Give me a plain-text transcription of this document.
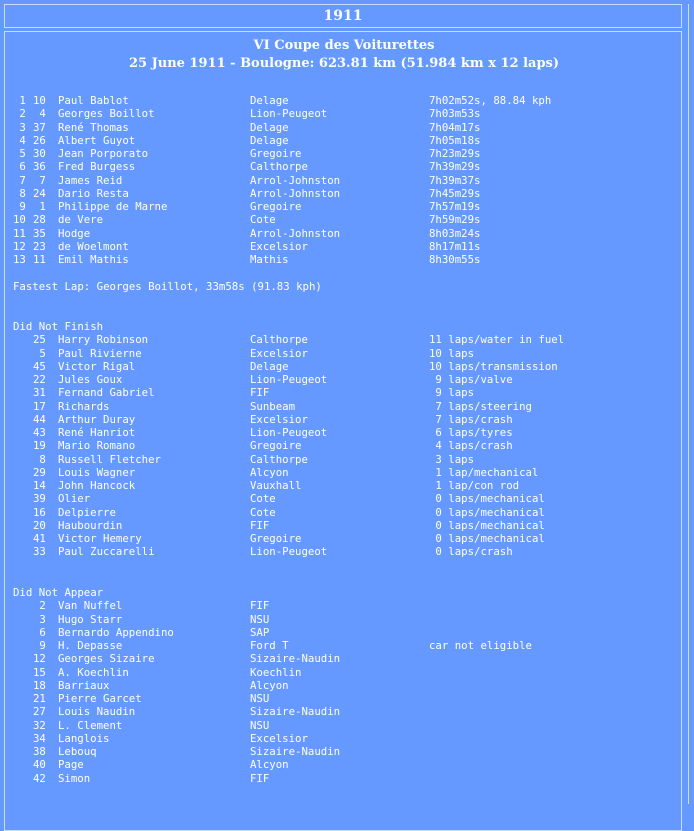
1911
VI Coupe des Voiturettes
25 June 1911 - Boulogne: 623.81 km (51.984 km x 12 laps)
1 10 Paul Bablot	Delage	7h02m52s, 88.84 kph
2 4 Georges Boillot	Lion-Peugeot	7h03m53s
3 37 René Thomas	Delage	7h04m17s
4 26 Albert Guyot	Delage	7h05m18s
5 30 Jean Porporato	Gregoire	7h23m29s
6 36 Fred Burgess	Calthorpe	7h39m29s
7 7 James Reid	Arrol-Johnston	7h39m37s
8 24 Dario Resta	Arrol-Johnston	7h45m29s
9 1 Philippe de Marne	Gregoire	7h57m19s
10 28 de Vere	Cote	7h59m29s
11 35 Hodge	Arrol-Johnston	8h03m24s
12 23 de Woelmont	Excelsior	8h17m11s
13 11 Emil Mathis	Mathis	8h30m55s
Fastest Lap: Georges Boillot, 33m58s (91.83 kph)
Did Not Finish
25 Harry Robinson	Calthorpe	11 laps/water in fuel
5 Paul Rivierne	Excelsior	10 laps
45 Victor Rigal	Delage	10 laps/transmission
22 Jules Goux	Lion-Peugeot	9 laps/valve
31 Fernand Gabriel	FIF	9 laps
17 Richards	Sunbeam	7 laps/steering
44 Arthur Duray	Excelsior	7 laps/crash
43 René Hanriot	Lion-Peugeot	6 laps/tyres
19 Mario Romano	Gregoire	4 laps/crash
8 Russell Fletcher	Calthorpe	3 laps
29 Louis Wagner	Alcyon	1 lap/mechanical
14 John Hancock	Vauxhall	1 lap/con rod
39 Olier	Cote	0 laps/mechanical
16 Delpierre	Cote	0 laps/mechanical
20 Haubourdin	FIF	0 laps/mechanical
41 Victor Hemery	Gregoire	0 laps/mechanical
33 Paul Zuccarelli	Lion-Peugeot	0 laps/crash
Did Not Appear
2 Van Nuffel	FIF
3 Hugo Starr	NSU
6 Bernardo Appendino	SAP
9 H. Depasse	Ford T	car not eligible
12 Georges Sizaire	Sizaire-Naudin
15 A. Koechlin	Koechlin
18 Barriaux	Alcyon
21 Pierre Garcet	NSU
27 Louis Naudin	Sizaire-Naudin
32 L. Clement	NSU
34 Langlois	Excelsior
38 Lebouq	Sizaire-Naudin
40 Page	Alcyon
42 Simon	FIF
